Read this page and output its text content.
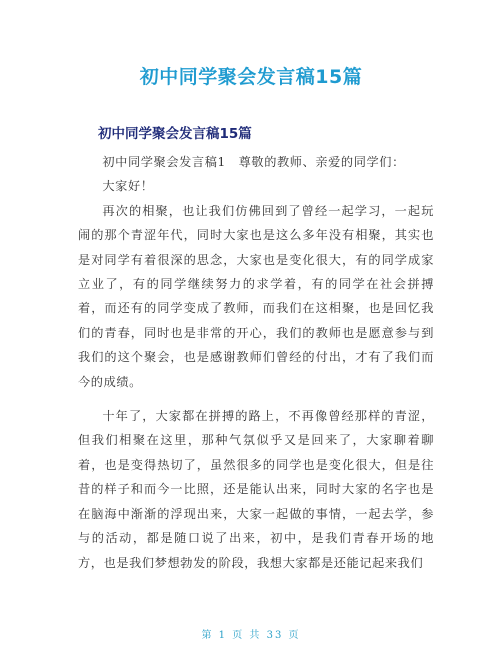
初中同学聚会发言稿15篇
初中同学聚会发言稿15篇

初中同学聚会发言稿1　尊敬的教师、亲爱的同学们：

大家好！

再次的相聚，也让我们仿佛回到了曾经一起学习，一起玩闹的那个青涩年代，同时大家也是这么多年没有相聚，其实也是对同学有着很深的思念，大家也是变化很大，有的同学成家立业了，有的同学继续努力的求学着，有的同学在社会拼搏着，而还有的同学变成了教师，而我们在这相聚，也是回忆我们的青春，同时也是非常的开心，我们的教师也是愿意参与到我们的这个聚会，也是感谢教师们曾经的付出，才有了我们而今的成绩。

十年了，大家都在拼搏的路上，不再像曾经那样的青涩，但我们相聚在这里，那种气氛似乎又是回来了，大家聊着聊着，也是变得热切了，虽然很多的同学也是变化很大，但是往昔的样子和而今一比照，还是能认出来，同时大家的名字也是在脑海中渐渐的浮现出来，大家一起做的事情，一起去学，参与的活动，都是随口说了出来，初中，是我们青春开场的地方，也是我们梦想勃发的阶段，我想大家都是还能记起来我们

第 1 页 共 33 页
